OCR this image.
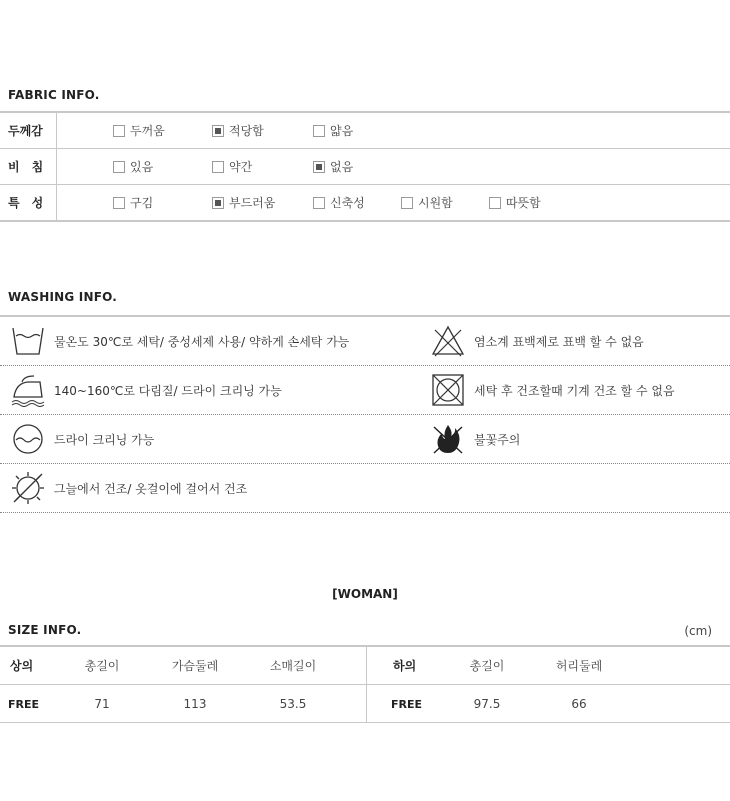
FABRIC INFO.
두께감	두꺼움	적당함	얇음
비　침	있음	약간	없음
특　성	구김	부드러움	신축성	시원함	따뜻함
WASHING INFO.
물온도 30℃로 세탁/ 중성세제 사용/ 약하게 손세탁 가능	염소계 표백제로 표백 할 수 없음
140~160℃로 다림질/ 드라이 크리닝 가능	세탁 후 건조할때 기계 건조 할 수 없음
드라이 크리닝 가능	불꽃주의
그늘에서 건조/ 옷걸이에 걸어서 건조
[WOMAN]
SIZE INFO.	(cm)
상의	총길이	가슴둘레	소매길이	하의	총길이	허리둘레
FREE	71	113	53.5	FREE	97.5	66
